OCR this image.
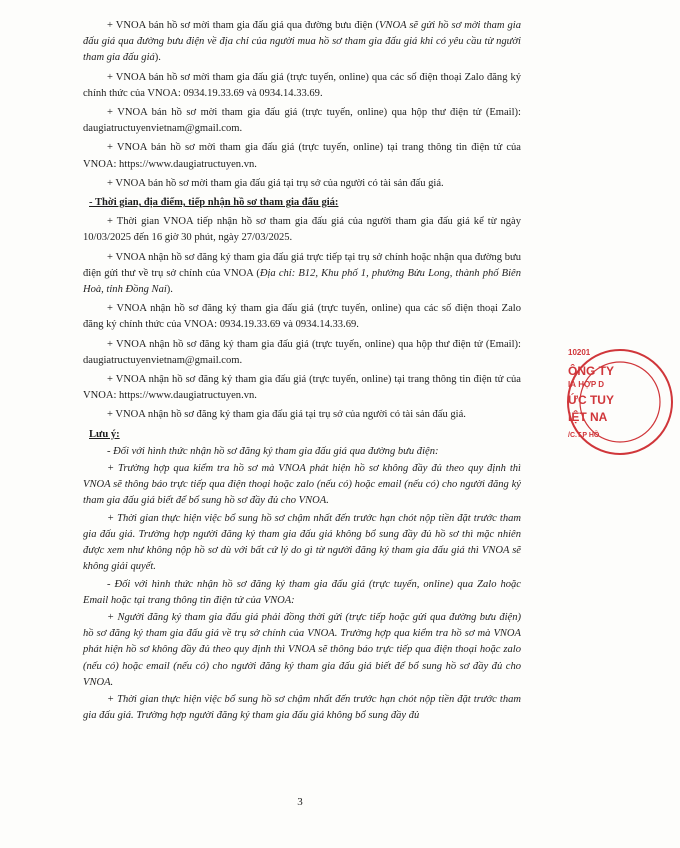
+ VNOA bán hồ sơ mời tham gia đấu giá qua đường bưu điện (VNOA sẽ gửi hồ sơ mời tham gia đấu giá qua đường bưu điện về địa chỉ của người mua hồ sơ tham gia đấu giá khi có yêu cầu từ người tham gia đấu giá).

+ VNOA bán hồ sơ mời tham gia đấu giá (trực tuyến, online) qua các số điện thoại Zalo đăng ký chính thức của VNOA: 0934.19.33.69 và 0934.14.33.69.

+ VNOA bán hồ sơ mời tham gia đấu giá (trực tuyến, online) qua hộp thư điện tử (Email): daugiatructuyenvietnam@gmail.com.

+ VNOA bán hồ sơ mời tham gia đấu giá (trực tuyến, online) tại trang thông tin điện tử của VNOA: https://www.daugiatructuyen.vn.

+ VNOA bán hồ sơ mời tham gia đấu giá tại trụ sở của người có tài sản đấu giá.

- Thời gian, địa điểm, tiếp nhận hồ sơ tham gia đấu giá:

+ Thời gian VNOA tiếp nhận hồ sơ tham gia đấu giá của người tham gia đấu giá kể từ ngày 10/03/2025 đến 16 giờ 30 phút, ngày 27/03/2025.

+ VNOA nhận hồ sơ đăng ký tham gia đấu giá trực tiếp tại trụ sở chính hoặc nhận qua đường bưu điện gửi thư về trụ sở chính của VNOA (Địa chỉ: B12, Khu phố 1, phường Bửu Long, thành phố Biên Hoà, tỉnh Đồng Nai).

+ VNOA nhận hồ sơ đăng ký tham gia đấu giá (trực tuyến, online) qua các số điện thoại Zalo đăng ký chính thức của VNOA: 0934.19.33.69 và 0934.14.33.69.

+ VNOA nhận hồ sơ đăng ký tham gia đấu giá (trực tuyến, online) qua hộp thư điện tử (Email): daugiatructuyenvietnam@gmail.com.

+ VNOA nhận hồ sơ đăng ký tham gia đấu giá (trực tuyến, online) tại trang thông tin điện tử của VNOA: https://www.daugiatructuyen.vn.

+ VNOA nhận hồ sơ đăng ký tham gia đấu giá tại trụ sở của người có tài sản đấu giá.

Lưu ý:

- Đối với hình thức nhận hồ sơ đăng ký tham gia đấu giá qua đường bưu điện:

+ Trường hợp qua kiểm tra hồ sơ mà VNOA phát hiện hồ sơ không đầy đủ theo quy định thì VNOA sẽ thông báo trực tiếp qua điện thoại hoặc zalo (nếu có) hoặc email (nếu có) cho người đăng ký tham gia đấu giá biết để bổ sung hồ sơ đầy đủ cho VNOA.

+ Thời gian thực hiện việc bổ sung hồ sơ chậm nhất đến trước hạn chót nộp tiền đặt trước tham gia đấu giá. Trường hợp người đăng ký tham gia đấu giá không bổ sung đầy đủ hồ sơ thì mặc nhiên được xem như không nộp hồ sơ dù với bất cứ lý do gì từ người đăng ký tham gia đấu giá thì VNOA sẽ không giải quyết.

- Đối với hình thức nhận hồ sơ đăng ký tham gia đấu giá (trực tuyến, online) qua Zalo hoặc Email hoặc tại trang thông tin điện tử của VNOA:

+ Người đăng ký tham gia đấu giá phải đồng thời gửi (trực tiếp hoặc gửi qua đường bưu điện) hồ sơ đăng ký tham gia đấu giá về trụ sở chính của VNOA. Trường hợp qua kiểm tra hồ sơ mà VNOA phát hiện hồ sơ không đầy đủ theo quy định thì VNOA sẽ thông báo trực tiếp qua điện thoại hoặc zalo (nếu có) hoặc email (nếu có) cho người đăng ký tham gia đấu giá biết để bổ sung hồ sơ đầy đủ cho VNOA.

+ Thời gian thực hiện việc bổ sung hồ sơ chậm nhất đến trước hạn chót nộp tiền đặt trước tham gia đấu giá. Trường hợp người đăng ký tham gia đấu giá không bổ sung đầy đủ

3
10201
ÔNG TY
IÁ HỢP D
ỨC TUY
IỆT NA
/C.T.P HỒ
